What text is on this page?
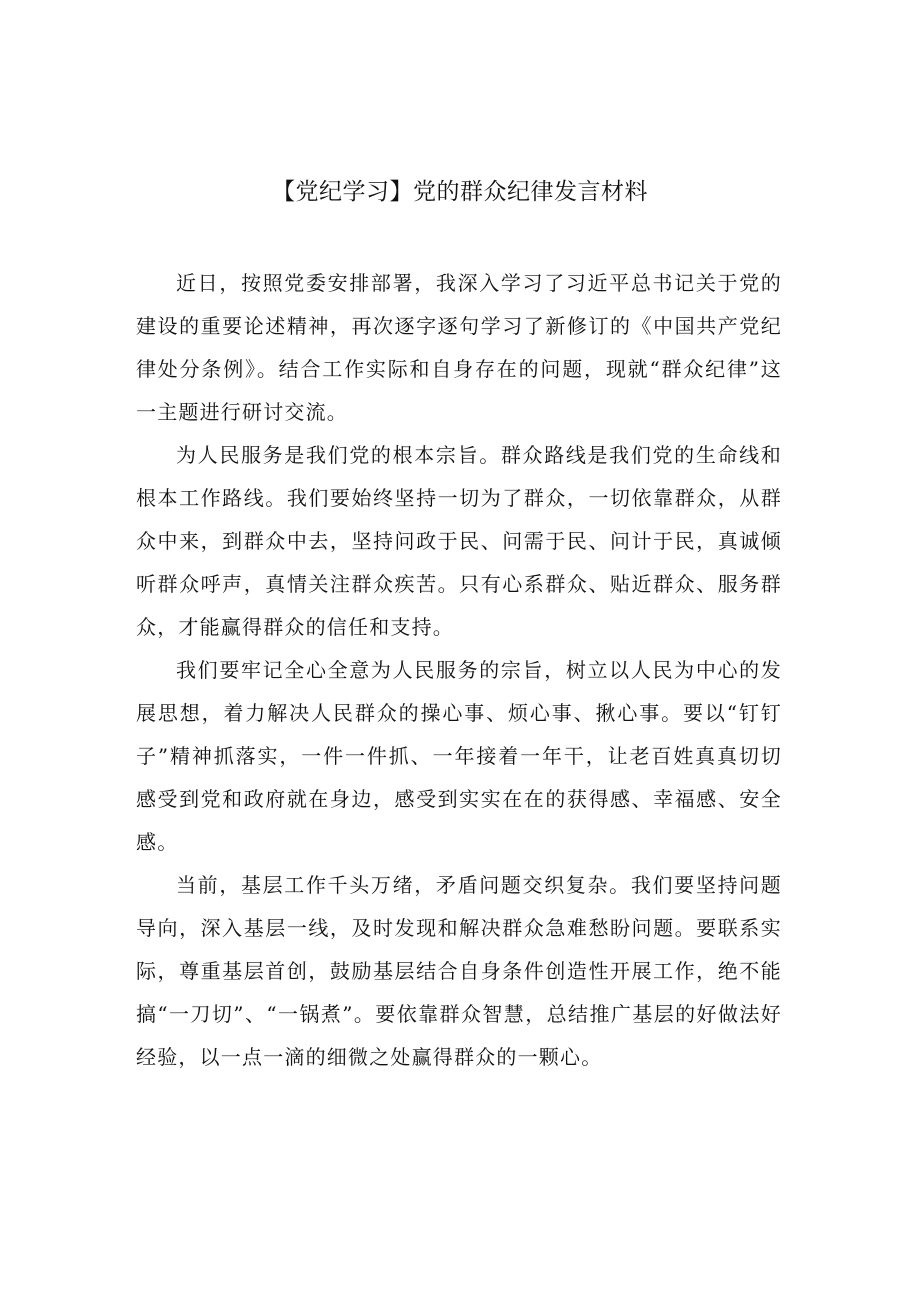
【党纪学习】党的群众纪律发言材料

近日，按照党委安排部署，我深入学习了习近平总书记关于党的建设的重要论述精神，再次逐字逐句学习了新修订的《中国共产党纪律处分条例》。结合工作实际和自身存在的问题，现就“群众纪律”这一主题进行研讨交流。

为人民服务是我们党的根本宗旨。群众路线是我们党的生命线和根本工作路线。我们要始终坚持一切为了群众，一切依靠群众，从群众中来，到群众中去，坚持问政于民、问需于民、问计于民，真诚倾听群众呼声，真情关注群众疾苦。只有心系群众、贴近群众、服务群众，才能赢得群众的信任和支持。

我们要牢记全心全意为人民服务的宗旨，树立以人民为中心的发展思想，着力解决人民群众的操心事、烦心事、揪心事。要以“钉钉子”精神抓落实，一件一件抓、一年接着一年干，让老百姓真真切切感受到党和政府就在身边，感受到实实在在的获得感、幸福感、安全感。

当前，基层工作千头万绪，矛盾问题交织复杂。我们要坚持问题导向，深入基层一线，及时发现和解决群众急难愁盼问题。要联系实际，尊重基层首创，鼓励基层结合自身条件创造性开展工作，绝不能搞“一刀切”、“一锅煮”。要依靠群众智慧，总结推广基层的好做法好经验，以一点一滴的细微之处赢得群众的一颗心。
